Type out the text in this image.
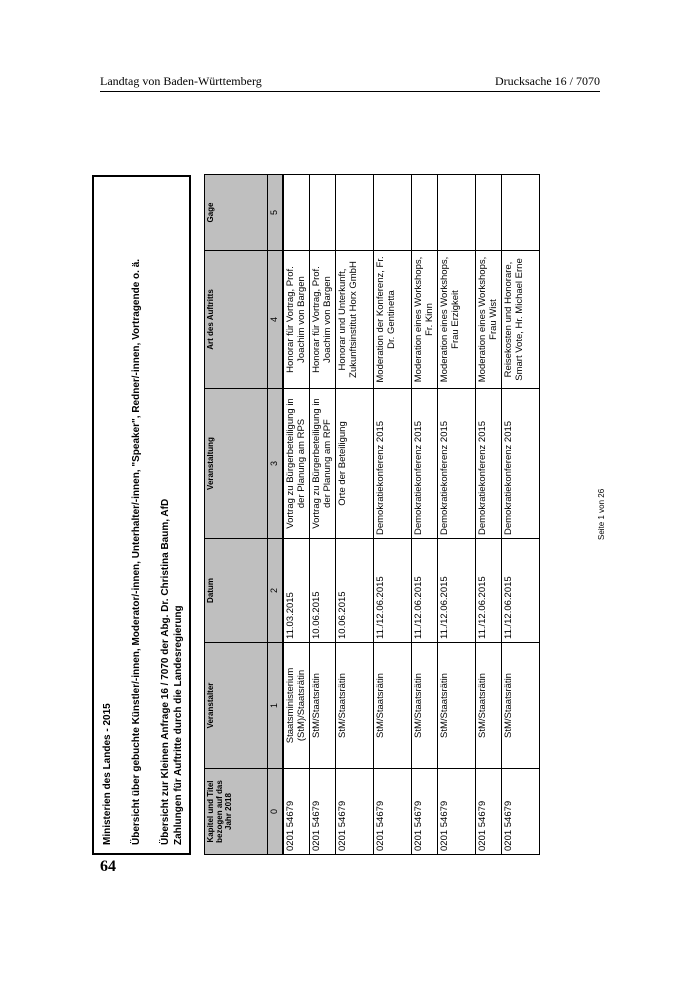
Landtag von Baden-Württemberg	Drucksache 16 / 7070
64
Ministerien des Landes - 2015 Übersicht über gebuchte Künstler/-innen, Moderator/-innen, Unterhalter/-innen, "Speaker", Redner/-innen, Vortragende o. ä. Übersicht zur Kleinen Anfrage 16 / 7070 der Abg. Dr. Christina Baum, AfD Zahlungen für Auftritte durch die Landesregierung	Kapitel und Titel bezogen auf das Jahr 2018	Veranstalter	Datum	Veranstaltung	Art des Auftritts	Gage
0	1	2	3	4	5
0201 54679	Staatsministerium (StM)/Staatsrätin	11.03.2015	Vortrag zu Bürgerbeteiligung in der Planung am RPS	Honorar für Vortrag, Prof. Joachim von Bargen	
0201 54679	StM/Staatsrätin	10.06.2015	Vortrag zu Bürgerbeteiligung in der Planung am RPF	Honorar für Vortrag, Prof. Joachim von Bargen	
0201 54679	StM/Staatsrätin	10.06.2015	Orte der Beteiligung	Honorar und Unterkunft, Zukunftsinstitut Horx GmbH	
0201 54679	StM/Staatsrätin	11./12.06.2015	Demokratiekonferenz 2015	Moderation der Konferenz, Fr. Dr. Gentinetta	
0201 54679	StM/Staatsrätin	11./12.06.2015	Demokratiekonferenz 2015	Moderation eines Workshops, Fr. Kinn	
0201 54679	StM/Staatsrätin	11./12.06.2015	Demokratiekonferenz 2015	Moderation eines Workshops, Frau Erzigkeit	
0201 54679	StM/Staatsrätin	11./12.06.2015	Demokratiekonferenz 2015	Moderation eines Workshops, Frau Wist	
0201 54679	StM/Staatsrätin	11./12.06.2015	Demokratiekonferenz 2015	Reisekosten und Honorare, Smart Vote, Hr. Michael Erne	
Seite 1 von 26
